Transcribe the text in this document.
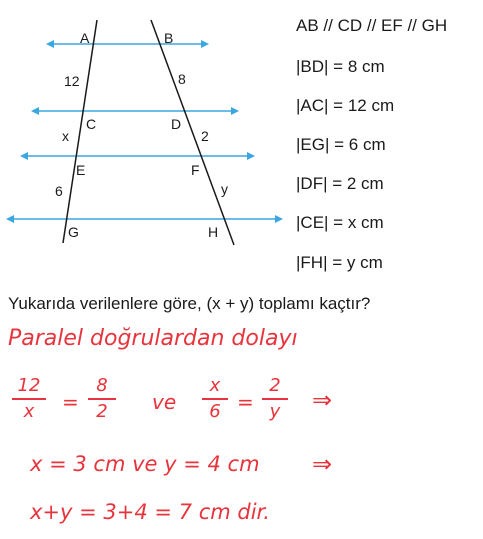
A	B
C	D
E	F
G	H
12	8
x	2
6	y
AB // CD // EF // GH
|BD| = 8 cm
|AC| = 12 cm
|EG| = 6 cm
|DF| = 2 cm
|CE| = x cm
|FH| = y cm
Yukarıda verilenlere göre, (x + y) toplamı kaçtır?
Paralel doğrulardan dolayı
12
x	=
8
2	ve
x
6 =
2
y	⇒
x = 3 cm ve y = 4 cm ⇒
x+y = 3+4 = 7 cm dir.
